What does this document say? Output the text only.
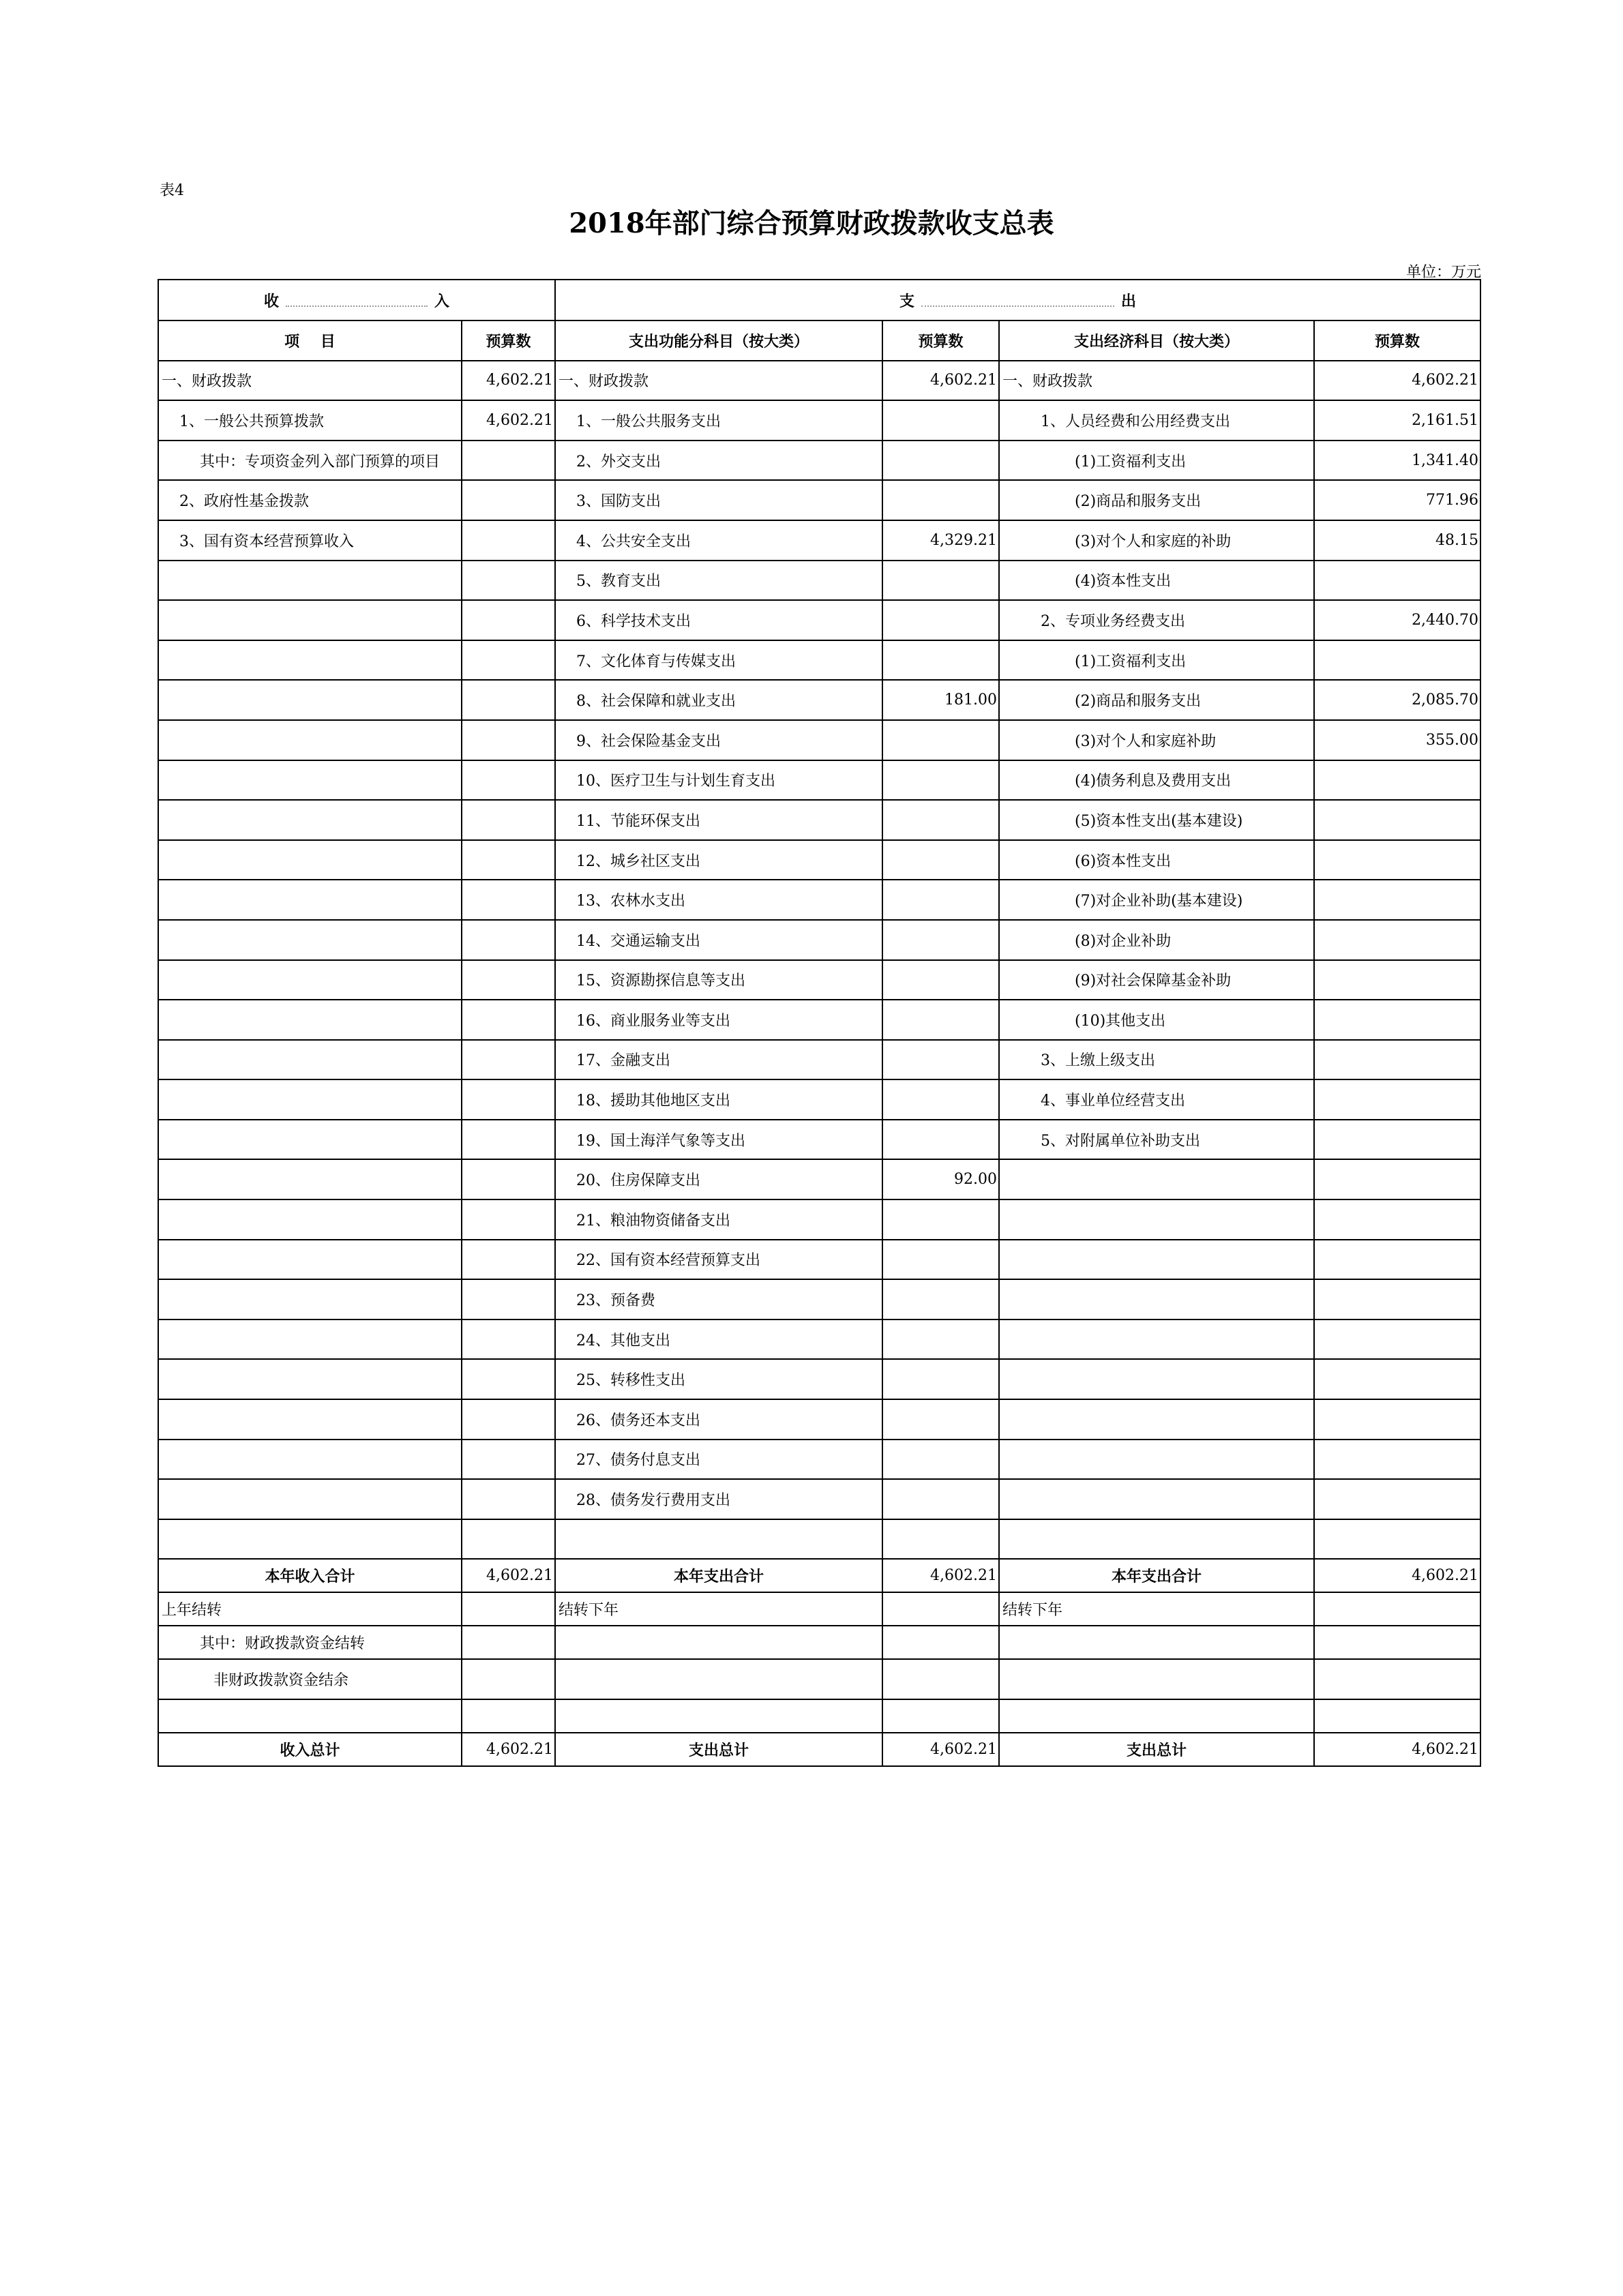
表4
2018年部门综合预算财政拨款收支总表
单位：万元
收 入		支 出			

项    目	预算数	支出功能分科目（按大类）	预算数	支出经济科目（按大类）	预算数
一、财政拨款	4,602.21	一、财政拨款	4,602.21	一、财政拨款	4,602.21
1、一般公共预算拨款	4,602.21	1、一般公共服务支出		1、人员经费和公用经费支出	2,161.51
其中：专项资金列入部门预算的项目		2、外交支出		(1)工资福利支出	1,341.40
2、政府性基金拨款		3、国防支出		(2)商品和服务支出	771.96
3、国有资本经营预算收入		4、公共安全支出	4,329.21	(3)对个人和家庭的补助	48.15
		5、教育支出		(4)资本性支出	
		6、科学技术支出		2、专项业务经费支出	2,440.70
		7、文化体育与传媒支出		(1)工资福利支出	
		8、社会保障和就业支出	181.00	(2)商品和服务支出	2,085.70
		9、社会保险基金支出		(3)对个人和家庭补助	355.00
		10、医疗卫生与计划生育支出		(4)债务利息及费用支出	
		11、节能环保支出		(5)资本性支出(基本建设)	
		12、城乡社区支出		(6)资本性支出	
		13、农林水支出		(7)对企业补助(基本建设)	
		14、交通运输支出		(8)对企业补助	
		15、资源勘探信息等支出		(9)对社会保障基金补助	
		16、商业服务业等支出		(10)其他支出	
		17、金融支出		3、上缴上级支出	
		18、援助其他地区支出		4、事业单位经营支出	
		19、国土海洋气象等支出		5、对附属单位补助支出	
		20、住房保障支出	92.00		
		21、粮油物资储备支出			
		22、国有资本经营预算支出			
		23、预备费			
		24、其他支出			
		25、转移性支出			
		26、债务还本支出			
		27、债务付息支出			
		28、债务发行费用支出			

本年收入合计	4,602.21	本年支出合计	4,602.21	本年支出合计	4,602.21
上年结转		结转下年		结转下年	
其中：财政拨款资金结转					
非财政拨款资金结余					

收入总计	4,602.21	支出总计	4,602.21	支出总计	4,602.21
